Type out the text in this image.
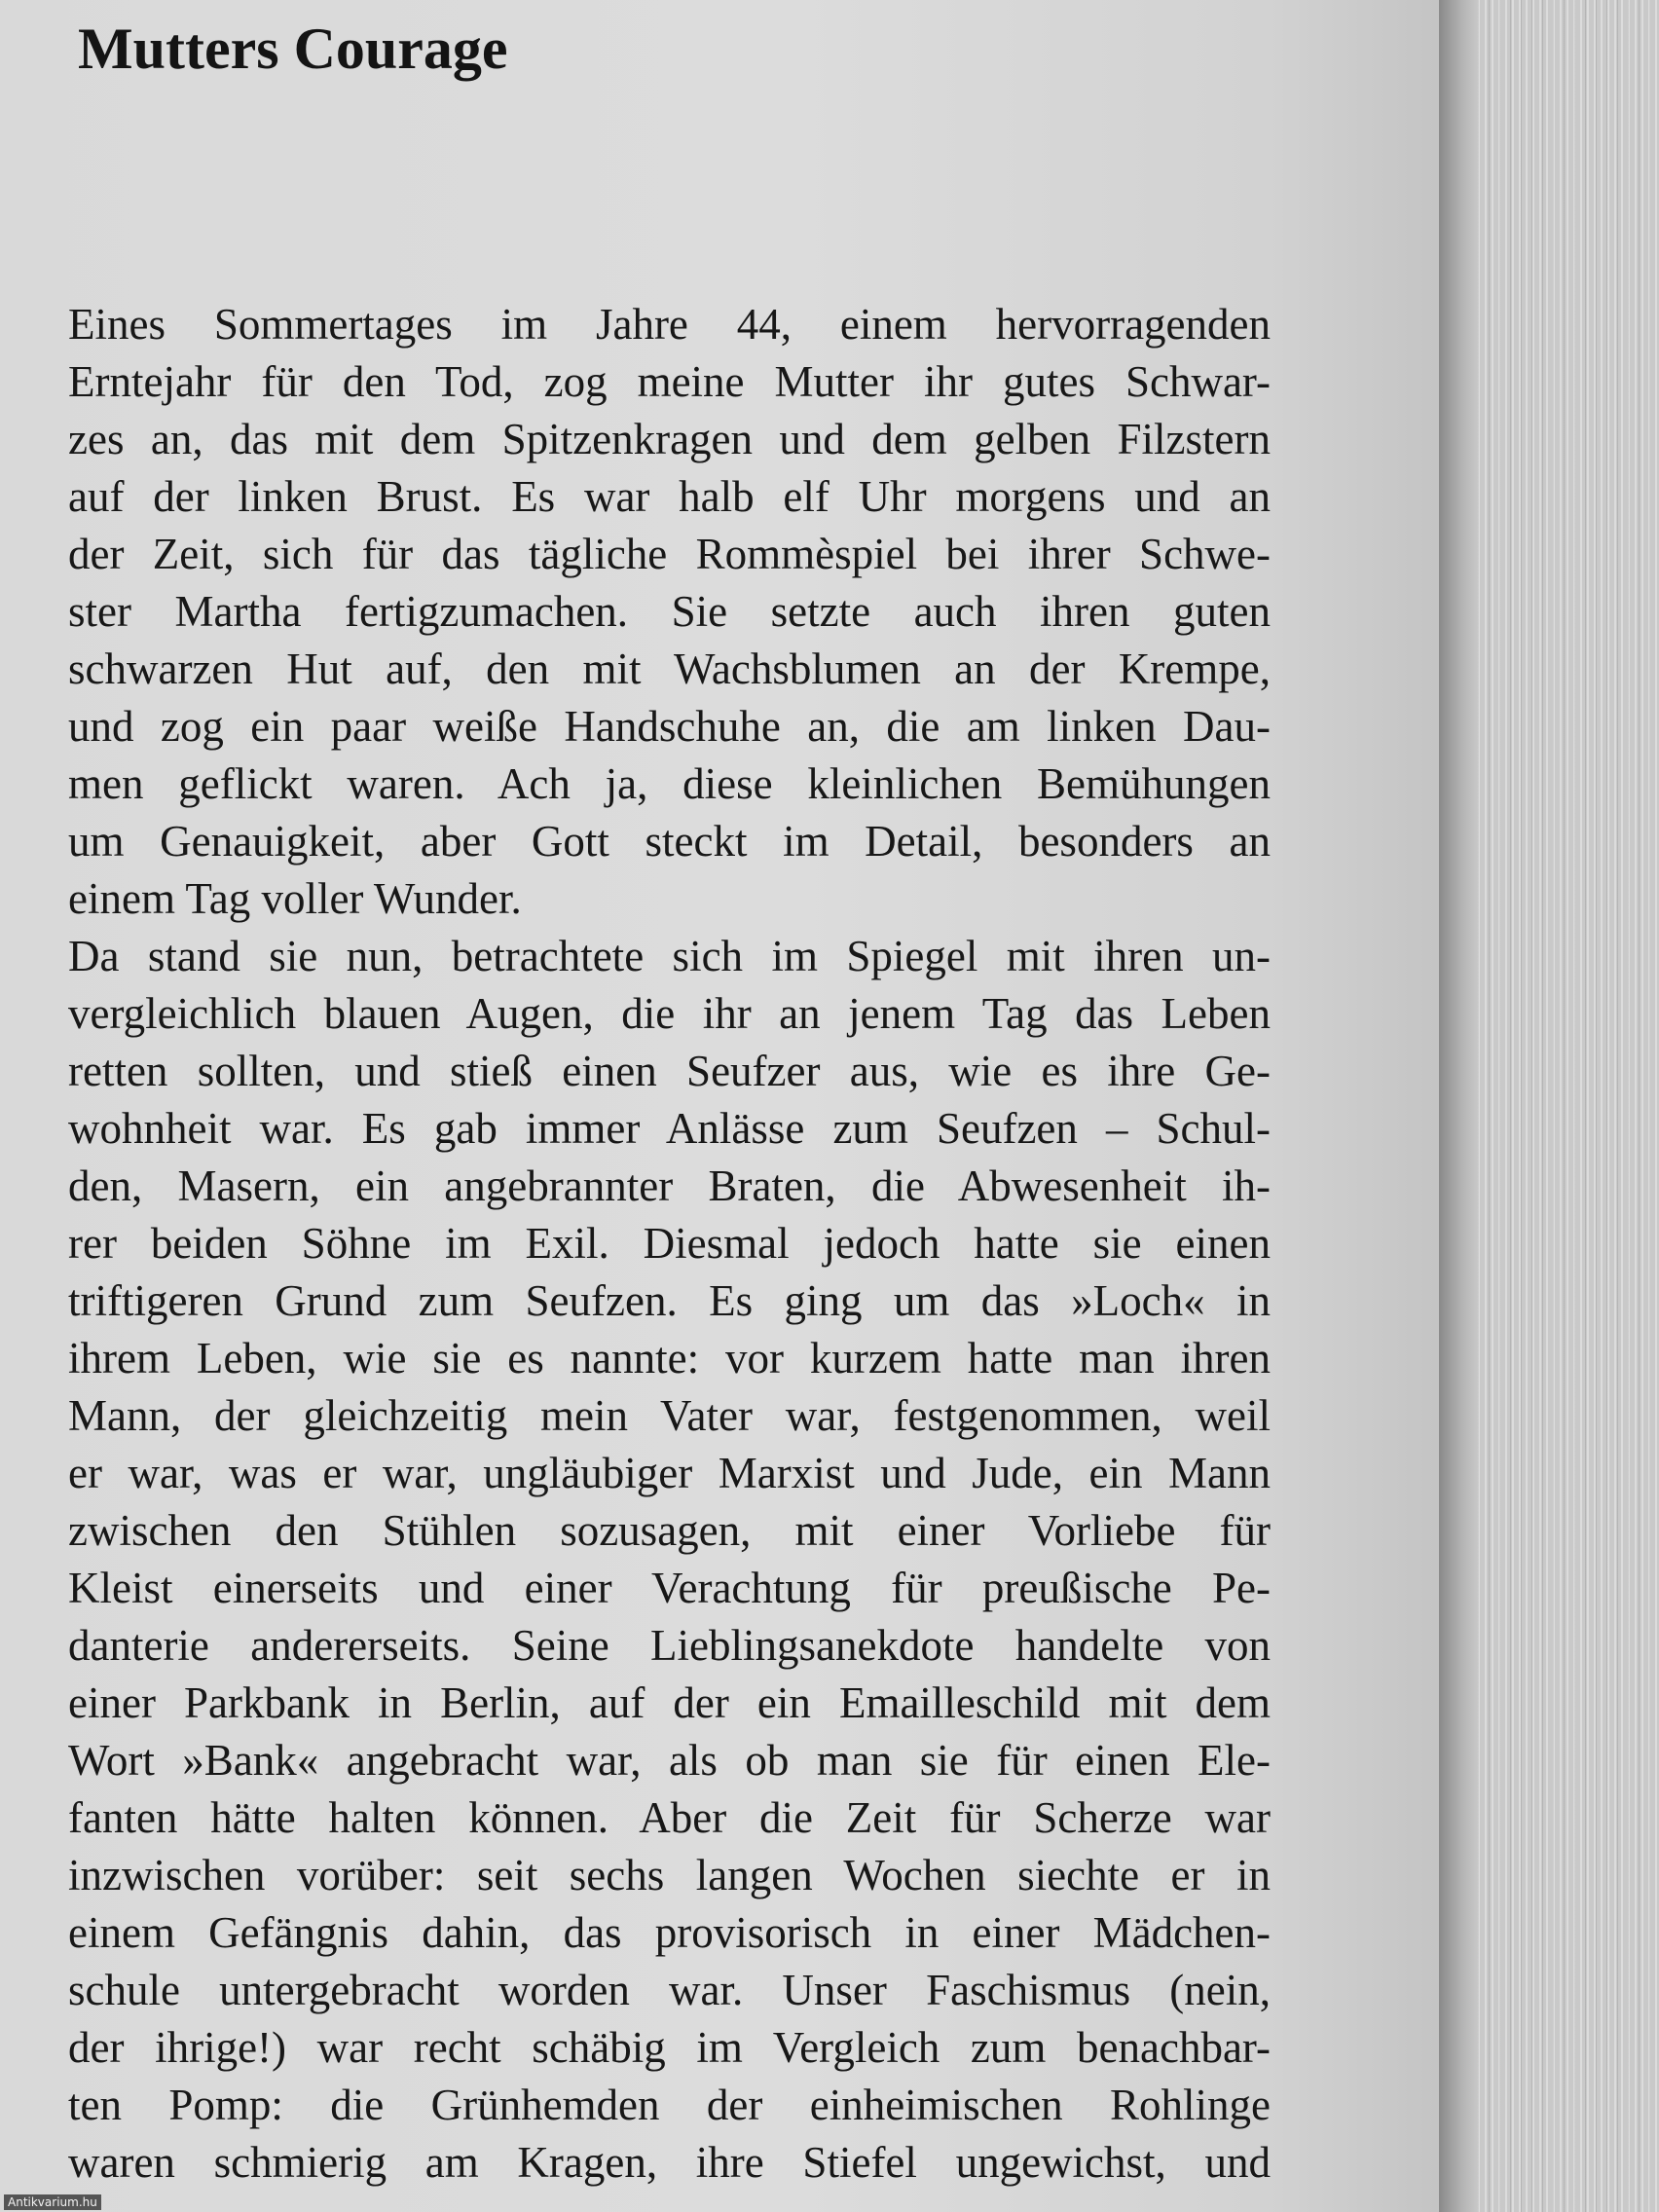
Mutters Courage
Eines Sommertages im Jahre 44, einem hervorragenden
Erntejahr für den Tod, zog meine Mutter ihr gutes Schwar-
zes an, das mit dem Spitzenkragen und dem gelben Filzstern
auf der linken Brust. Es war halb elf Uhr morgens und an
der Zeit, sich für das tägliche Rommèspiel bei ihrer Schwe-
ster Martha fertigzumachen. Sie setzte auch ihren guten
schwarzen Hut auf, den mit Wachsblumen an der Krempe,
und zog ein paar weiße Handschuhe an, die am linken Dau-
men geflickt waren. Ach ja, diese kleinlichen Bemühungen
um Genauigkeit, aber Gott steckt im Detail, besonders an
einem Tag voller Wunder.
Da stand sie nun, betrachtete sich im Spiegel mit ihren un-
vergleichlich blauen Augen, die ihr an jenem Tag das Leben
retten sollten, und stieß einen Seufzer aus, wie es ihre Ge-
wohnheit war. Es gab immer Anlässe zum Seufzen – Schul-
den, Masern, ein angebrannter Braten, die Abwesenheit ih-
rer beiden Söhne im Exil. Diesmal jedoch hatte sie einen
triftigeren Grund zum Seufzen. Es ging um das »Loch« in
ihrem Leben, wie sie es nannte: vor kurzem hatte man ihren
Mann, der gleichzeitig mein Vater war, festgenommen, weil
er war, was er war, ungläubiger Marxist und Jude, ein Mann
zwischen den Stühlen sozusagen, mit einer Vorliebe für
Kleist einerseits und einer Verachtung für preußische Pe-
danterie andererseits. Seine Lieblingsanekdote handelte von
einer Parkbank in Berlin, auf der ein Emailleschild mit dem
Wort »Bank« angebracht war, als ob man sie für einen Ele-
fanten hätte halten können. Aber die Zeit für Scherze war
inzwischen vorüber: seit sechs langen Wochen siechte er in
einem Gefängnis dahin, das provisorisch in einer Mädchen-
schule untergebracht worden war. Unser Faschismus (nein,
der ihrige!) war recht schäbig im Vergleich zum benachbar-
ten Pomp: die Grünhemden der einheimischen Rohlinge
waren schmierig am Kragen, ihre Stiefel ungewichst, und
Antikvarium.hu
